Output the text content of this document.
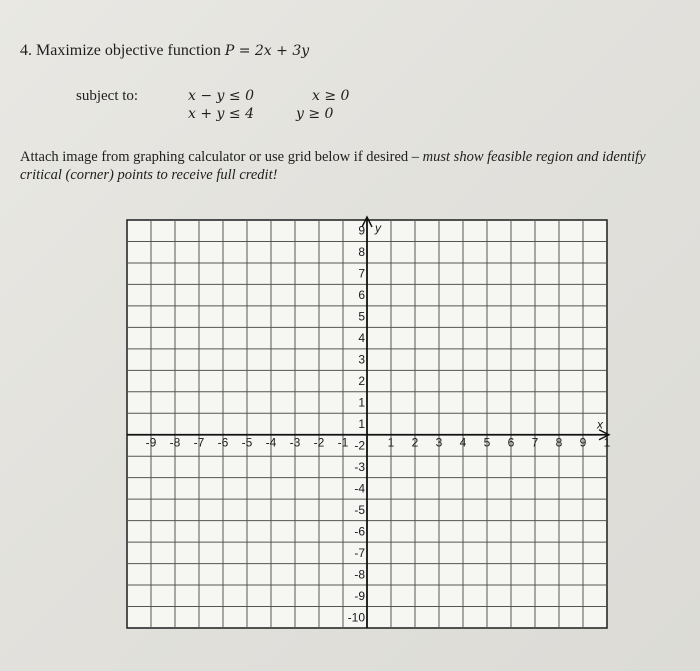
4. Maximize objective function P = 2x + 3y
subject to:	x − y ≤ 0	x ≥ 0
x + y ≤ 4	y ≥ 0
Attach image from graphing calculator or use grid below if desired – must show feasible region and identify critical (corner) points to receive full credit!
y
x
9
8
7
6
5
4
3
2
1
1
-2
-3
-4
-5
-6
-7
-8
-9
-10
-9 -8 -7 -6 -5 -4 -3 -2 -1	1 2 3 4 5 6 7 8 9 1
